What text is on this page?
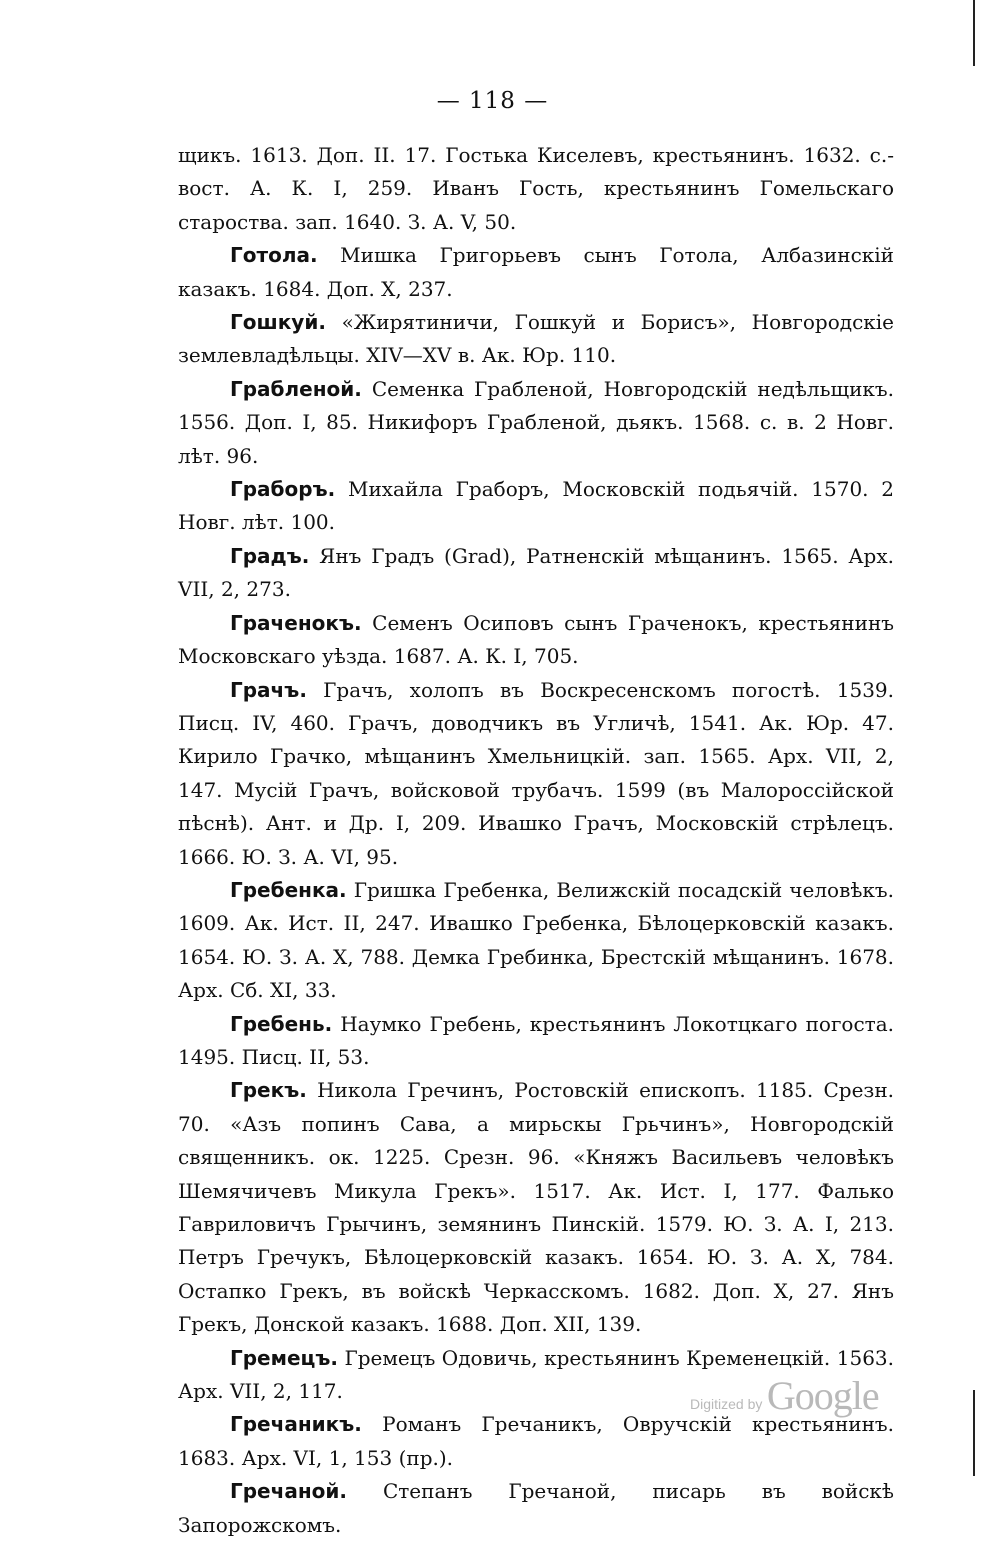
— 118 —

щикъ. 1613. Доп. II. 17. Гостька Киселевъ, крестьянинъ. 1632. с.-вост. А. К. I, 259. Иванъ Гость, крестьянинъ Гомельскаго староства. зап. 1640. З. А. V, 50.

Готола. Мишка Григорьевъ сынъ Готола, Албазинскій казакъ. 1684. Доп. X, 237.

Гошкуй. «Жирятиничи, Гошкуй и Борисъ», Новгородскіе землевладѣльцы. XIV—XV в. Ак. Юр. 110.

Грабленой. Семенка Грабленой, Новгородскій недѣльщикъ. 1556. Доп. I, 85. Никифоръ Грабленой, дьякъ. 1568. с. в. 2 Новг. лѣт. 96.

Граборъ. Михайла Граборъ, Московскій подьячій. 1570. 2 Новг. лѣт. 100.

Градъ. Янъ Градъ (Grad), Ратненскій мѣщанинъ. 1565. Арх. VII, 2, 273.

Граченокъ. Семенъ Осиповъ сынъ Граченокъ, крестьянинъ Московскаго уѣзда. 1687. А. К. I, 705.

Грачъ. Грачъ, холопъ въ Воскресенскомъ погостѣ. 1539. Писц. IV, 460. Грачъ, доводчикъ въ Угличѣ, 1541. Ак. Юр. 47. Кирило Грачко, мѣщанинъ Хмельницкій. зап. 1565. Арх. VII, 2, 147. Мусій Грачъ, войсковой трубачъ. 1599 (въ Малороссійской пѣснѣ). Ант. и Др. I, 209. Ивашко Грачъ, Московскій стрѣлецъ. 1666. Ю. З. А. VI, 95.

Гребенка. Гришка Гребенка, Велижскій посадскій человѣкъ. 1609. Ак. Ист. II, 247. Ивашко Гребенка, Бѣлоцерковскій казакъ. 1654. Ю. З. А. X, 788. Демка Гребинка, Брестскій мѣщанинъ. 1678. Арх. Сб. XI, 33.

Гребень. Наумко Гребень, крестьянинъ Локотцкаго погоста. 1495. Писц. II, 53.

Грекъ. Никола Гречинъ, Ростовскій епископъ. 1185. Срезн. 70. «Азъ попинъ Сава, а мирьскы Грьчинъ», Новгородскій священникъ. ок. 1225. Срезн. 96. «Княжъ Васильевъ человѣкъ Шемячичевъ Микула Грекъ». 1517. Ак. Ист. I, 177. Фалько Гавриловичъ Грычинъ, земянинъ Пинскій. 1579. Ю. З. А. I, 213. Петръ Гречукъ, Бѣлоцерковскій казакъ. 1654. Ю. З. А. X, 784. Остапко Грекъ, въ войскѣ Черкасскомъ. 1682. Доп. X, 27. Янъ Грекъ, Донской казакъ. 1688. Доп. XII, 139.

Гремецъ. Гремецъ Одовичь, крестьянинъ Кременецкій. 1563. Арх. VII, 2, 117.

Гречаникъ. Романъ Гречаникъ, Овручскій крестьянинъ. 1683. Арх. VI, 1, 153 (пр.).

Гречаной. Степанъ Гречаной, писарь въ войскѣ Запорожскомъ.

Digitized by Google
